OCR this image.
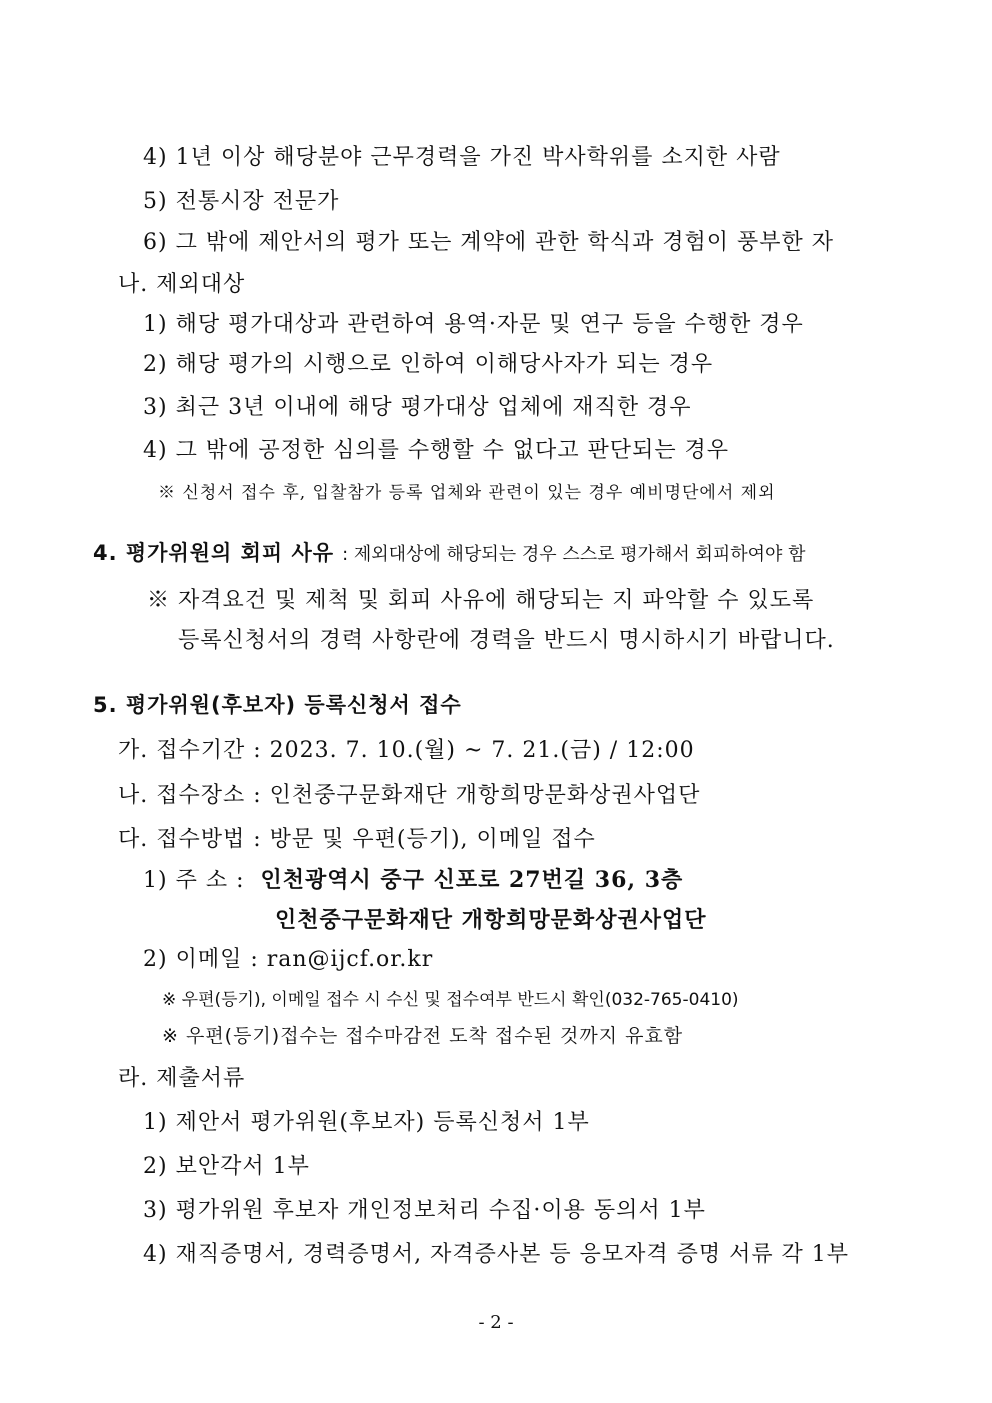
4) 1년 이상 해당분야 근무경력을 가진 박사학위를 소지한 사람
5) 전통시장 전문가
6) 그 밖에 제안서의 평가 또는 계약에 관한 학식과 경험이 풍부한 자
나. 제외대상
1) 해당 평가대상과 관련하여 용역·자문 및 연구 등을 수행한 경우
2) 해당 평가의 시행으로 인하여 이해당사자가 되는 경우
3) 최근 3년 이내에 해당 평가대상 업체에 재직한 경우
4) 그 밖에 공정한 심의를 수행할 수 없다고 판단되는 경우
※ 신청서 접수 후, 입찰참가 등록 업체와 관련이 있는 경우 예비명단에서 제외
4. 평가위원의 회피 사유 : 제외대상에 해당되는 경우 스스로 평가해서 회피하여야 함
※ 자격요건 및 제척 및 회피 사유에 해당되는 지 파악할 수 있도록
등록신청서의 경력 사항란에 경력을 반드시 명시하시기 바랍니다.
5. 평가위원(후보자) 등록신청서 접수
가. 접수기간 : 2023. 7. 10.(월) ~ 7. 21.(금) / 12:00
나. 접수장소 : 인천중구문화재단 개항희망문화상권사업단
다. 접수방법 : 방문 및 우편(등기), 이메일 접수
1) 주 소 : 인천광역시 중구 신포로 27번길 36, 3층
인천중구문화재단 개항희망문화상권사업단
2) 이메일 : ran@ijcf.or.kr
※ 우편(등기), 이메일 접수 시 수신 및 접수여부 반드시 확인(032-765-0410)
※ 우편(등기)접수는 접수마감전 도착 접수된 것까지 유효함
라. 제출서류
1) 제안서 평가위원(후보자) 등록신청서 1부
2) 보안각서 1부
3) 평가위원 후보자 개인정보처리 수집·이용 동의서 1부
4) 재직증명서, 경력증명서, 자격증사본 등 응모자격 증명 서류 각 1부
- 2 -
